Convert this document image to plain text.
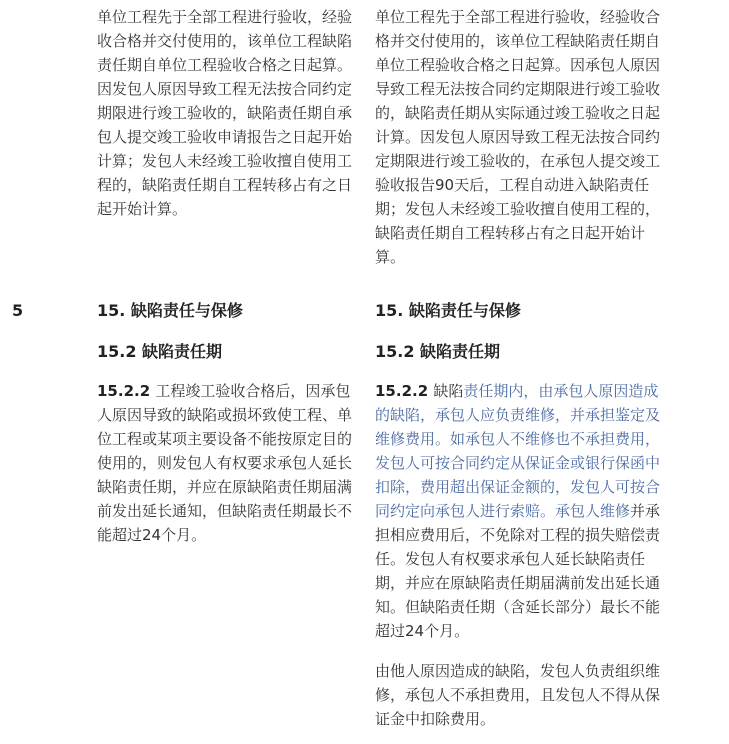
单位工程先于全部工程进行验收，经验
收合格并交付使用的，该单位工程缺陷
责任期自单位工程验收合格之日起算。
因发包人原因导致工程无法按合同约定
期限进行竣工验收的，缺陷责任期自承
包人提交竣工验收申请报告之日起开始
计算；发包人未经竣工验收擅自使用工
程的，缺陷责任期自工程转移占有之日
起开始计算。
单位工程先于全部工程进行验收，经验收合
格并交付使用的，该单位工程缺陷责任期自
单位工程验收合格之日起算。因承包人原因
导致工程无法按合同约定期限进行竣工验收
的，缺陷责任期从实际通过竣工验收之日起
计算。因发包人原因导致工程无法按合同约
定期限进行竣工验收的，在承包人提交竣工
验收报告90天后，工程自动进入缺陷责任
期；发包人未经竣工验收擅自使用工程的，
缺陷责任期自工程转移占有之日起开始计
算。
5	15. 缺陷责任与保修
15.2 缺陷责任期
15.2.2 工程竣工验收合格后，因承包
人原因导致的缺陷或损坏致使工程、单
位工程或某项主要设备不能按原定目的
使用的，则发包人有权要求承包人延长
缺陷责任期，并应在原缺陷责任期届满
前发出延长通知，但缺陷责任期最长不
能超过24个月。
15. 缺陷责任与保修
15.2 缺陷责任期
15.2.2 缺陷责任期内，由承包人原因造成
的缺陷，承包人应负责维修，并承担鉴定及
维修费用。如承包人不维修也不承担费用，
发包人可按合同约定从保证金或银行保函中
扣除，费用超出保证金额的，发包人可按合
同约定向承包人进行索赔。承包人维修并承
担相应费用后，不免除对工程的损失赔偿责
任。发包人有权要求承包人延长缺陷责任
期，并应在原缺陷责任期届满前发出延长通
知。但缺陷责任期（含延长部分）最长不能
超过24个月。
由他人原因造成的缺陷，发包人负责组织维
修，承包人不承担费用，且发包人不得从保
证金中扣除费用。
